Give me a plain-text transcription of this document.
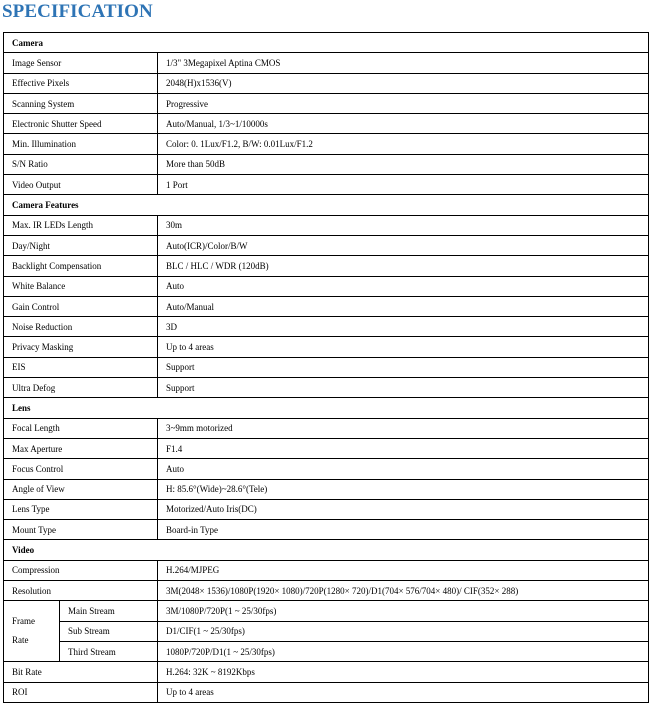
SPECIFICATION
Camera		
Image Sensor		1/3" 3Megapixel Aptina CMOS
Effective Pixels		2048(H)x1536(V)
Scanning System		Progressive
Electronic Shutter Speed		Auto/Manual, 1/3~1/10000s
Min. Illumination		Color: 0. 1Lux/F1.2, B/W: 0.01Lux/F1.2
S/N Ratio		More than 50dB
Video Output		1 Port
Camera Features		
Max. IR LEDs Length		30m
Day/Night		Auto(ICR)/Color/B/W
Backlight Compensation		BLC / HLC / WDR (120dB)
White Balance		Auto
Gain Control		Auto/Manual
Noise Reduction		3D
Privacy Masking		Up to 4 areas
EIS		Support
Ultra Defog		Support
Lens		
Focal Length		3~9mm motorized
Max Aperture		F1.4
Focus Control		Auto
Angle of View		H: 85.6°(Wide)~28.6°(Tele)
Lens Type		Motorized/Auto Iris(DC)
Mount Type		Board-in Type
Video		
Compression		H.264/MJPEG
Resolution		3M(2048× 1536)/1080P(1920× 1080)/720P(1280× 720)/D1(704× 576/704× 480)/ CIF(352× 288)

Frame
Rate	Main Stream	3M/1080P/720P(1 ~ 25/30fps)
	Sub Stream	D1/CIF(1 ~ 25/30fps)
	Third Stream	1080P/720P/D1(1 ~ 25/30fps)
Bit Rate		H.264: 32K ~ 8192Kbps
ROI		Up to 4 areas
